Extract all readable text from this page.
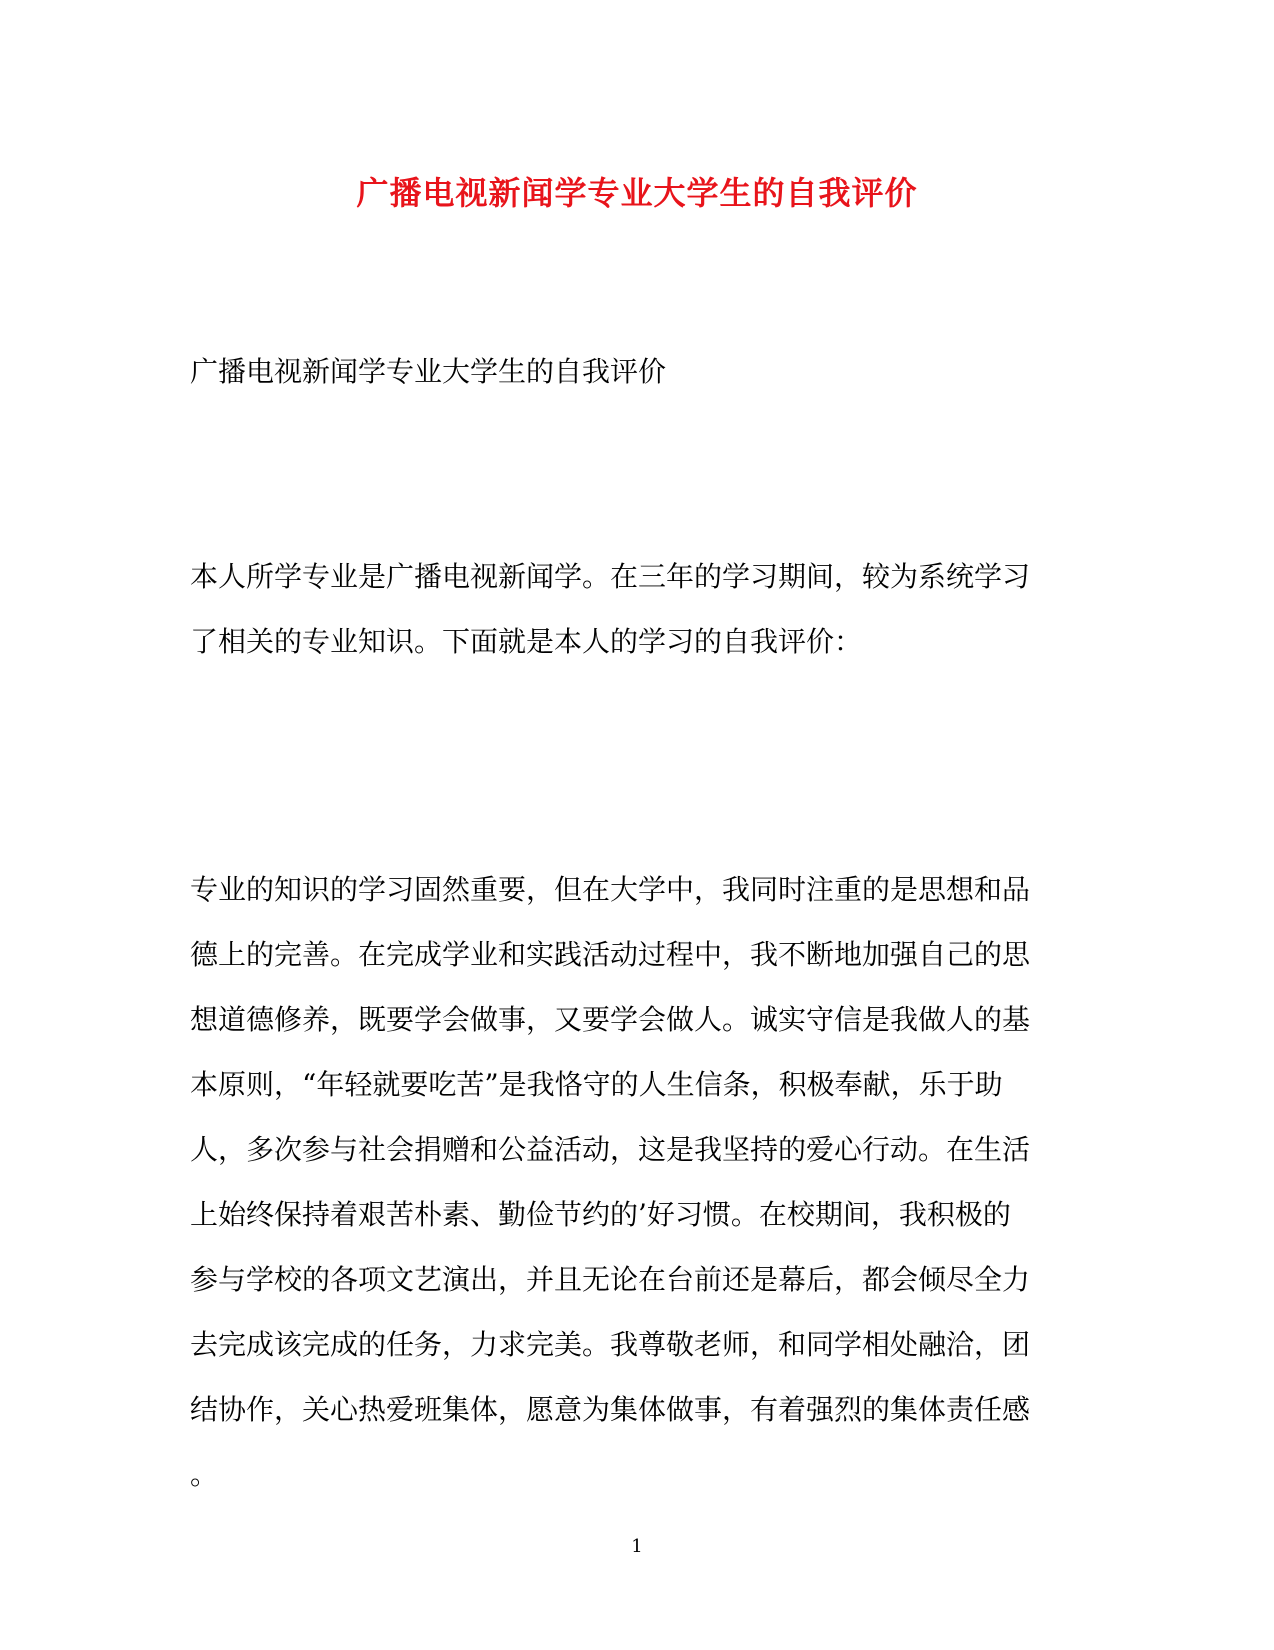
广播电视新闻学专业大学生的自我评价

广播电视新闻学专业大学生的自我评价

本人所学专业是广播电视新闻学。在三年的学习期间，较为系统学习
了相关的专业知识。下面就是本人的学习的自我评价：
专业的知识的学习固然重要，但在大学中，我同时注重的是思想和品
德上的完善。在完成学业和实践活动过程中，我不断地加强自己的思
想道德修养，既要学会做事，又要学会做人。诚实守信是我做人的基
本原则，“年轻就要吃苦”是我恪守的人生信条，积极奉献，乐于助
人，多次参与社会捐赠和公益活动，这是我坚持的爱心行动。在生活
上始终保持着艰苦朴素、勤俭节约的’好习惯。在校期间，我积极的
参与学校的各项文艺演出，并且无论在台前还是幕后，都会倾尽全力
去完成该完成的任务，力求完美。我尊敬老师，和同学相处融洽，团
结协作，关心热爱班集体，愿意为集体做事，有着强烈的集体责任感
。

1
